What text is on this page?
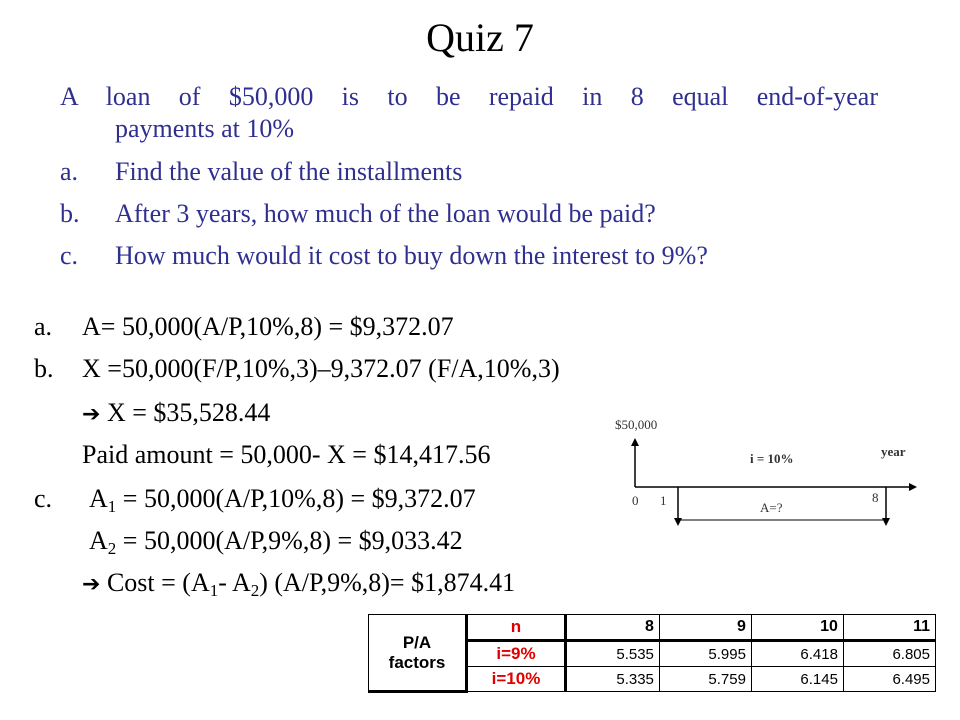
Quiz 7
A loan of $50,000 is to be repaid in 8 equal end-of-year
payments at 10%
a. Find the value of the installments
b. After 3 years, how much of the loan would be paid?
c. How much would it cost to buy down the interest to 9%?
a. A= 50,000(A/P,10%,8) = $9,372.07
b. X =50,000(F/P,10%,3)–9,372.07 (F/A,10%,3)
➔ X = $35,528.44
Paid amount = 50,000- X = $14,417.56
c. $A_1 = 50,000(A/P,10\%,8)$ = $9,372.07
$A_2 = 50,000(A/P,9\%,8)$ = $9,033.42
➔ Cost = ($A_1-$ $A_2$) (A/P,9%,8)= $1,874.41
$50,000
i = 10%	year
0 1	8
A=?
P/A factors	n	8	9	10	11
	i=9%	5.535	5.995	6.418	6.805
	i=10%	5.335	5.759	6.145	6.495
